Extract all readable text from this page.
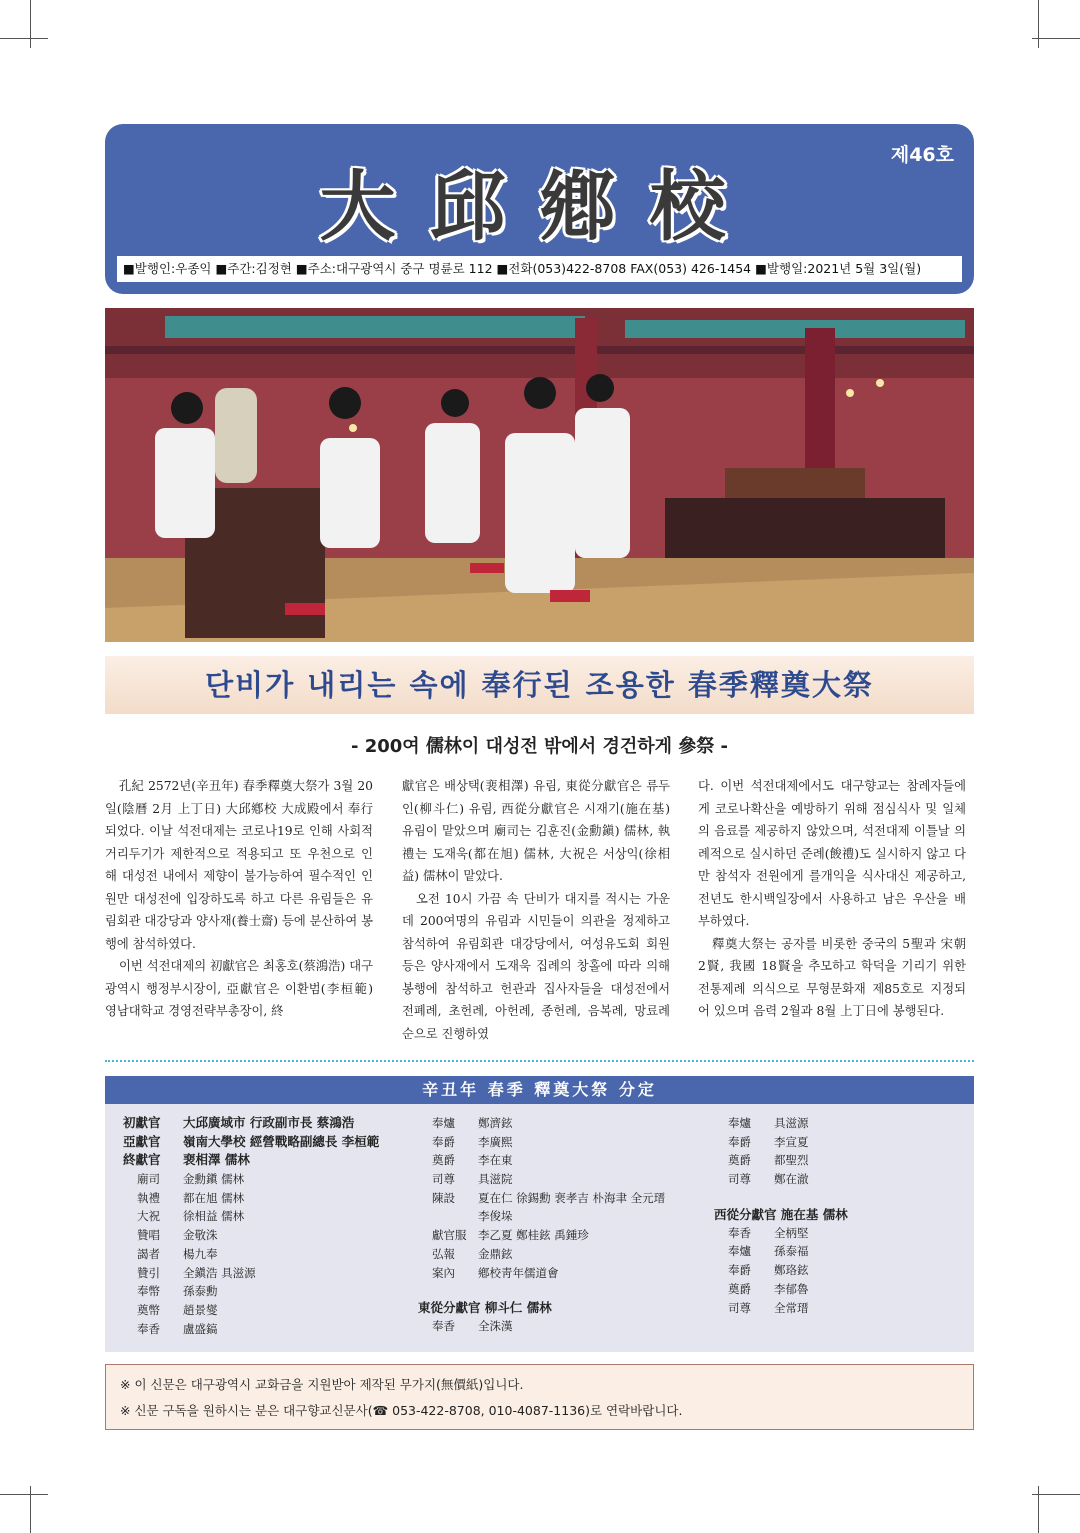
大邱鄕校
제46호
■발행인:우종익 ■주간:김정현 ■주소:대구광역시 중구 명륜로 112 ■전화(053)422-8708 FAX(053) 426-1454 ■발행일:2021년 5월 3일(월)
단비가 내리는 속에 奉行된 조용한 春季釋奠大祭
- 200여 儒林이 대성전 밖에서 경건하게 參祭 -

孔紀 2572년(辛丑年) 春季釋奠大祭가 3월 20일(陰曆 2月 上丁日) 大邱鄕校 大成殿에서 奉行되었다. 이날 석전대제는 코로나19로 인해 사회적 거리두기가 제한적으로 적용되고 또 우천으로 인해 대성전 내에서 제향이 불가능하여 필수적인 인원만 대성전에 입장하도록 하고 다른 유림들은 유림회관 대강당과 양사재(養士齋) 등에 분산하여 봉행에 참석하였다.

이번 석전대제의 初獻官은 최홍호(蔡鴻浩) 대구광역시 행정부시장이, 亞獻官은 이환범(李桓範) 영남대학교 경영전략부총장이, 終

獻官은 배상택(裵相澤) 유림, 東從分獻官은 류두인(柳斗仁) 유림, 西從分獻官은 시재기(施在基) 유림이 맡았으며 廟司는 김훈진(金勳鎭) 儒林, 執禮는 도재욱(都在旭) 儒林, 大祝은 서상익(徐相益) 儒林이 맡았다.

오전 10시 가끔 속 단비가 대지를 적시는 가운데 200여명의 유림과 시민들이 의관을 정제하고 참석하여 유림회관 대강당에서, 여성유도회 회원 등은 양사재에서 도재욱 집례의 창홀에 따라 의해 봉행에 참석하고 헌관과 집사자들을 대성전에서 전폐례, 초헌례, 아헌례, 종헌례, 음복례, 망료례 순으로 진행하였

다. 이번 석전대제에서도 대구향교는 참례자들에게 코로나확산을 예방하기 위해 점심식사 및 일체의 음료를 제공하지 않았으며, 석전대제 이틀날 의례적으로 실시하던 준례(餕禮)도 실시하지 않고 다만 참석자 전원에게 를개익을 식사대신 제공하고, 전년도 한시백일장에서 사용하고 남은 우산을 배부하였다.

釋奠大祭는 공자를 비롯한 중국의 5聖과 宋朝 2賢, 我國 18賢을 추모하고 학덕을 기리기 위한 전통제례 의식으로 무형문화재 제85호로 지정되어 있으며 음력 2월과 8월 上丁日에 봉행된다.

辛丑年 春季 釋奠大祭 分定
初獻官	大邱廣域市 行政副市長 蔡鴻浩
亞獻官	嶺南大學校 經營戰略副總長 李桓範
終獻官	裵相澤 儒林
廟司	金勳鎭 儒林
執禮	都在旭 儒林
大祝	徐相益 儒林
贊唱	金敬洙
謁者	楊九奉
贊引	全鎭浩 具滋源
奉幣	孫泰勳
奠幣	趙景燮
奉香	盧盛鎬
奉爐	鄭濟鉉
奉爵	李廣熙
奠爵	李在東
司尊	具滋院
陳設	夏在仁 徐錫勳 裵孝吉 朴海聿 全元瑨
李俊垛
獻官服	李乙夏 鄭桂鉉 禹鍾珍
弘報	金鼎鉉
案內	鄕校靑年儒道會
東從分獻官 柳斗仁 儒林
奉香	全洙漢
奉爐	具滋源
奉爵	李宣夏
奠爵	都聖烈
司尊	鄭在澈
西從分獻官 施在基 儒林
奉香	全柄堅
奉爐	孫泰福
奉爵	鄭珞鉉
奠爵	李郁魯
司尊	全常瑨
※ 이 신문은 대구광역시 교화금을 지원받아 제작된 무가지(無價紙)입니다.
※ 신문 구독을 원하시는 분은 대구향교신문사(☎ 053-422-8708, 010-4087-1136)로 연락바랍니다.
